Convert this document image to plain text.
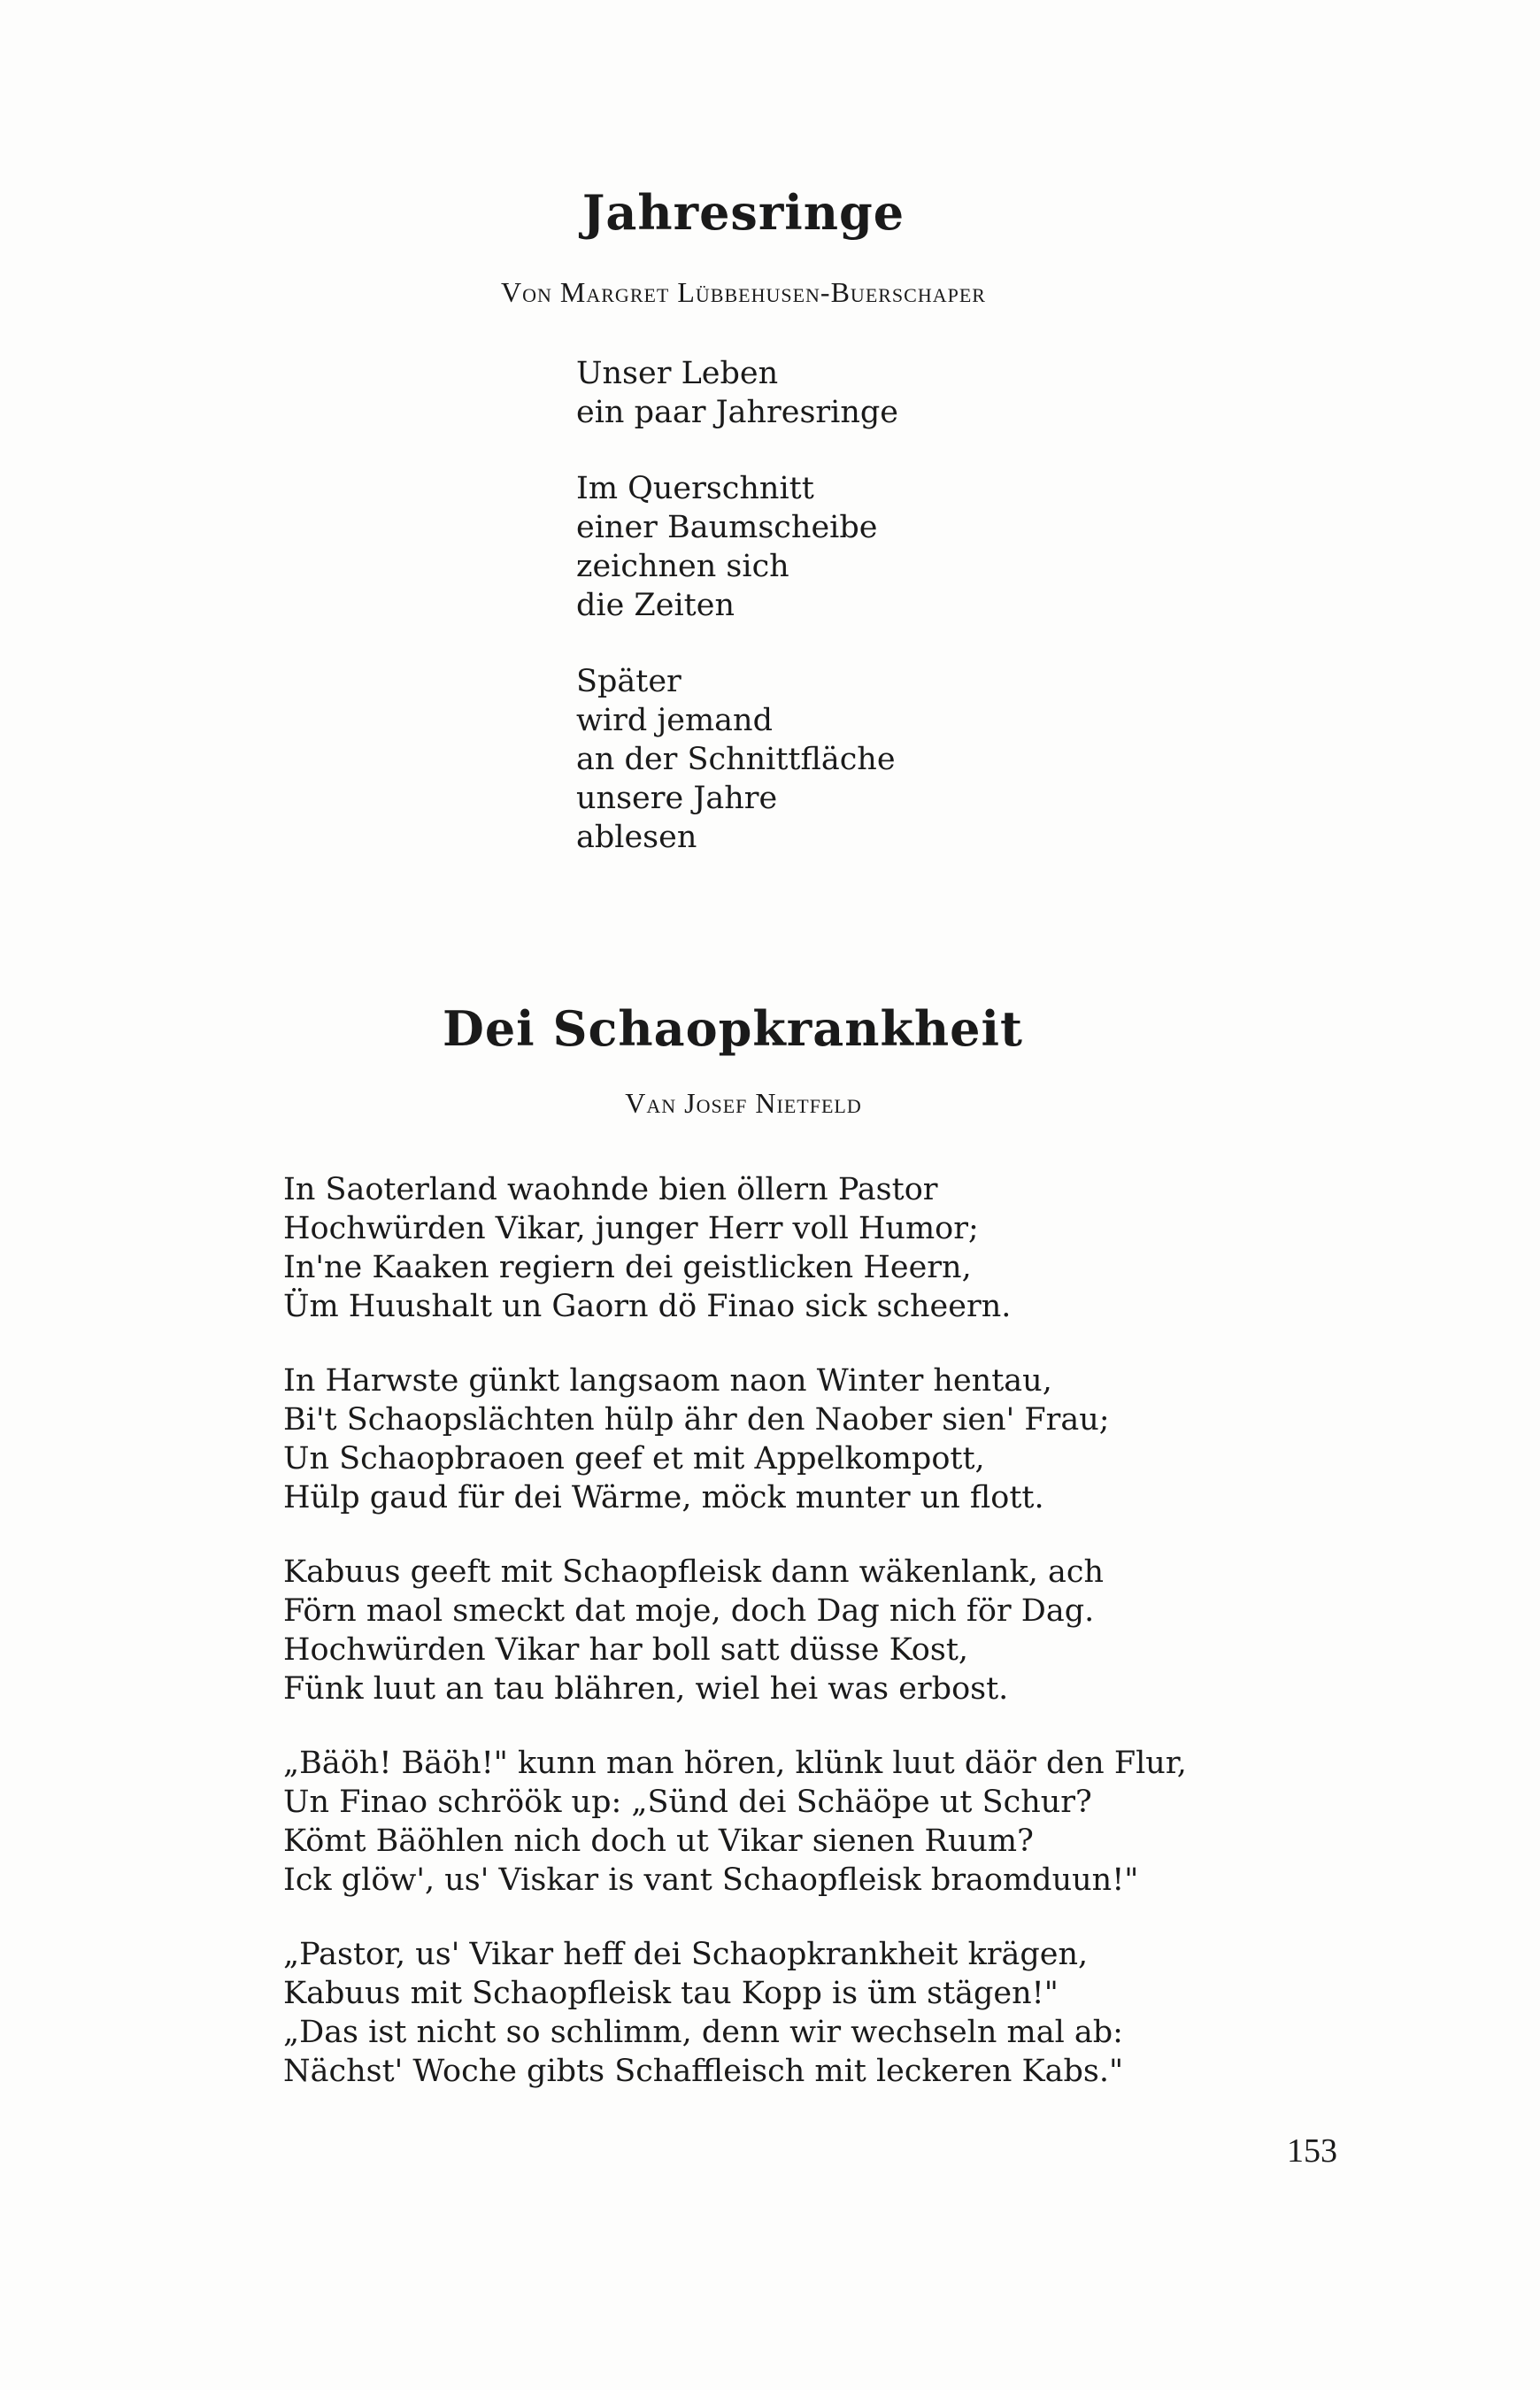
Jahresringe
Von Margret Lübbehusen-Buerschaper
Unser Leben
ein paar Jahresringe
Im Querschnitt
einer Baumscheibe
zeichnen sich
die Zeiten
Später
wird jemand
an der Schnittfläche
unsere Jahre
ablesen
Dei Schaopkrankheit
Van Josef Nietfeld
In Saoterland waohnde bien öllern Pastor
Hochwürden Vikar, junger Herr voll Humor;
In'ne Kaaken regiern dei geistlicken Heern,
Üm Huushalt un Gaorn dö Finao sick scheern.
In Harwste günkt langsaom naon Winter hentau,
Bi't Schaopslächten hülp ähr den Naober sien' Frau;
Un Schaopbraoen geef et mit Appelkompott,
Hülp gaud für dei Wärme, möck munter un flott.
Kabuus geeft mit Schaopfleisk dann wäkenlank, ach
Förn maol smeckt dat moje, doch Dag nich för Dag.
Hochwürden Vikar har boll satt düsse Kost,
Fünk luut an tau blähren, wiel hei was erbost.
„Bäöh! Bäöh!" kunn man hören, klünk luut däör den Flur,
Un Finao schröök up: „Sünd dei Schäöpe ut Schur?
Kömt Bäöhlen nich doch ut Vikar sienen Ruum?
Ick glöw', us' Viskar is vant Schaopfleisk braomduun!"
„Pastor, us' Vikar heff dei Schaopkrankheit krägen,
Kabuus mit Schaopfleisk tau Kopp is üm stägen!"
„Das ist nicht so schlimm, denn wir wechseln mal ab:
Nächst' Woche gibts Schaffleisch mit leckeren Kabs."
153
